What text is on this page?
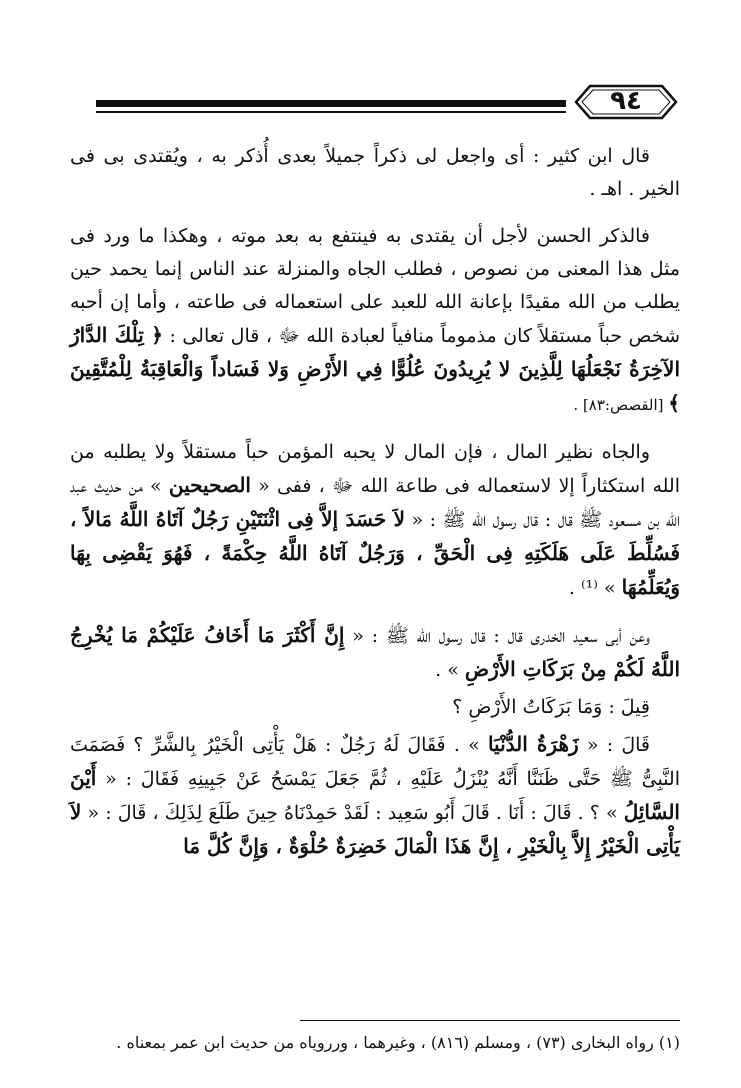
٩٤

قال ابن كثير : أى واجعل لى ذكراً جميلاً بعدى أُذكر به ، ويُقتدى بى فى الخير . اهـ .

فالذكر الحسن لأجل أن يقتدى به فينتفع به بعد موته ، وهكذا ما ورد فى مثل هذا المعنى من نصوص ، فطلب الجاه والمنزلة عند الناس إنما يحمد حين يطلب من الله مقيدًا بإعانة الله للعبد على استعماله فى طاعته ، وأما إن أحبه شخص حباً مستقلاً كان مذموماً منافياً لعبادة الله ﷻ ، قال تعالى : ﴿ تِلْكَ الدَّارُ الآخِرَةُ نَجْعَلُهَا لِلَّذِينَ لا يُرِيدُونَ عُلُوًّا فِي الأَرْضِ وَلا فَسَاداً وَالْعَاقِبَةُ لِلْمُتَّقِينَ ﴾ [القصص:٨٣] .

والجاه نظير المال ، فإن المال لا يحبه المؤمن حباً مستقلاً ولا يطلبه من الله استكثاراً إلا لاستعماله فى طاعة الله ﷻ ، ففى « الصحيحين » من حديث عبد الله بن مسعود ﷺ قال : قال رسول الله ﷺ : « لاَ حَسَدَ إلاَّ فِى اثْنَتَيْنِ رَجُلٌ آتَاهُ اللَّهُ مَالاً ، فَسُلِّطَ عَلَى هَلَكَتِهِ فِى الْحَقِّ ، وَرَجُلٌ آتَاهُ اللَّهُ حِكْمَةً ، فَهُوَ يَقْضِى بِهَا وَيُعَلِّمُهَا » ⁽¹⁾ .

وعن أبى سعيد الخدرى قال : قال رسول الله ﷺ : « إِنَّ أَكْثَرَ مَا أَخَافُ عَلَيْكُمْ مَا يُخْرِجُ اللَّهُ لَكُمْ مِنْ بَرَكَاتِ الأَرْضِ » .

قِيلَ : وَمَا بَرَكَاتُ الأَرْضِ ؟

قَالَ : « زَهْرَةُ الدُّنْيَا » . فَقَالَ لَهُ رَجُلٌ : هَلْ يَأْتِى الْخَيْرُ بِالشَّرِّ ؟ فَصَمَتَ النَّبِىُّ ﷺ حَتَّى ظَنَنَّا أَنَّهُ يُنْزَلُ عَلَيْهِ ، ثُمَّ جَعَلَ يَمْسَحُ عَنْ جَبِينِهِ فَقَالَ : « أَيْنَ السَّائِلُ » ؟ . قَالَ : أَنَا . قَالَ أَبُو سَعِيد : لَقَدْ حَمِدْنَاهُ حِينَ طَلَعَ لِذَلِكَ ، قَالَ : « لاَ يَأْتِى الْخَيْرُ إِلاَّ بِالْخَيْرِ ، إِنَّ هَذَا الْمَالَ خَضِرَةٌ حُلْوَةٌ ، وَإِنَّ كُلَّ مَا

(١) رواه البخارى (٧٣) ، ومسلم (٨١٦) ، وغيرهما ، ورروياه من حديث ابن عمر بمعناه .
